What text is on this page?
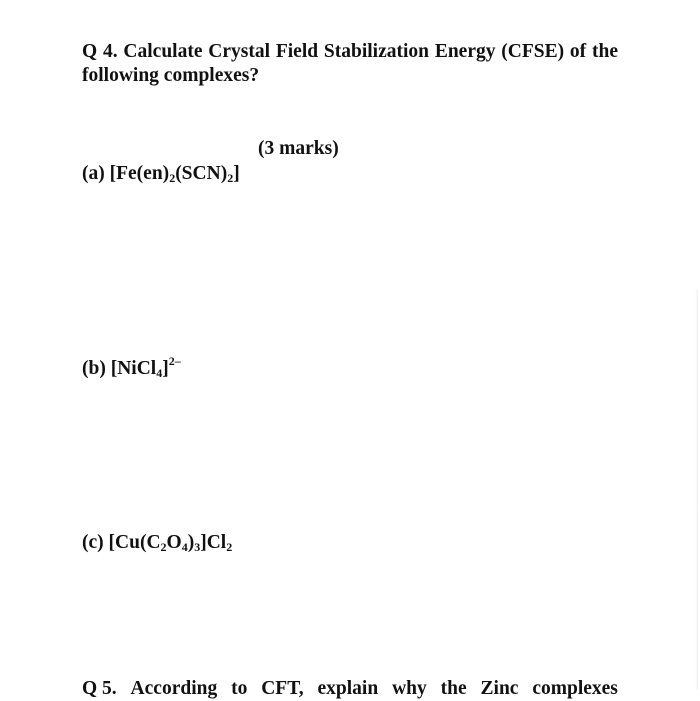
Q 4. Calculate Crystal Field Stabilization Energy (CFSE) of the following complexes?
(3 marks)
(a) $[Fe(en)_2(SCN)_2]$
(b) [NiCl$_4$]$^{2-}$
(c) $[Cu(C_2O_4)_3]Cl_2$
Q 5. According to CFT, explain why the Zinc complexes
